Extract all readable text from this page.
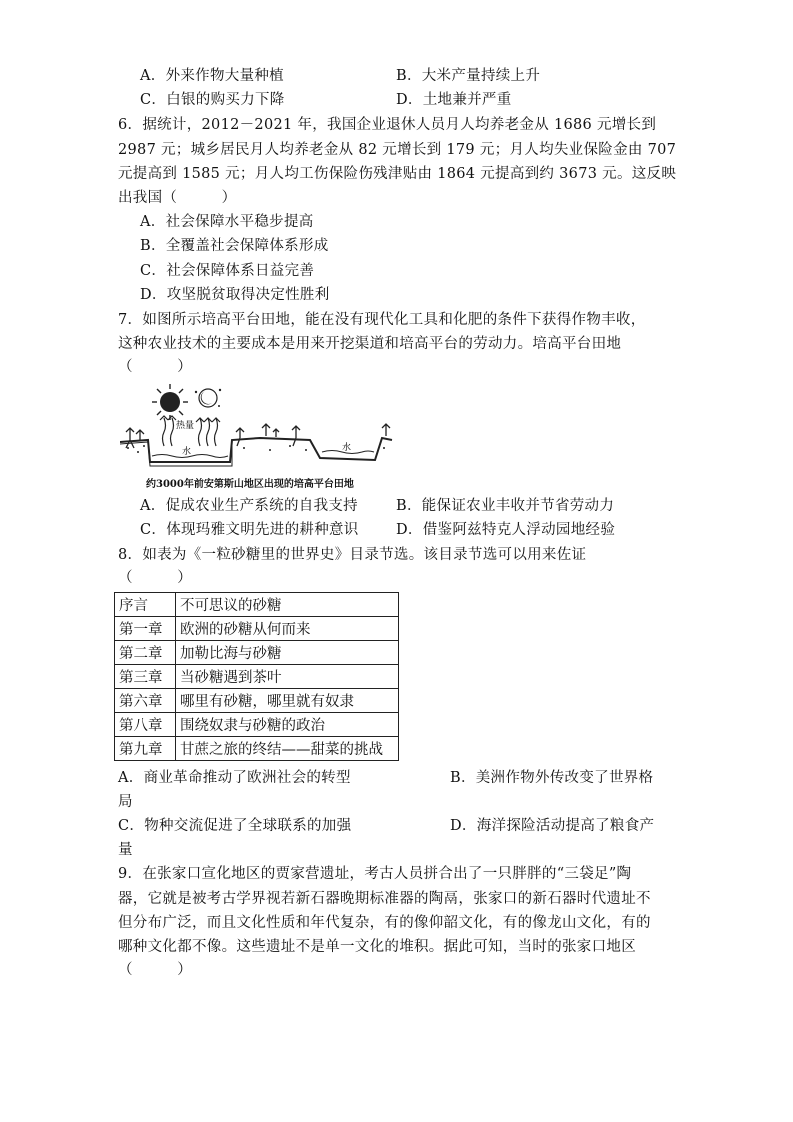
A．外来作物大量种植	B．大米产量持续上升
C．白银的购买力下降	D．土地兼并严重
6．据统计，2012－2021 年，我国企业退休人员月人均养老金从 1686 元增长到
2987 元；城乡居民月人均养老金从 82 元增长到 179 元；月人均失业保险金由 707
元提高到 1585 元；月人均工伤保险伤残津贴由 1864 元提高到约 3673 元。这反映
出我国（　　　）
A．社会保障水平稳步提高
B．全覆盖社会保障体系形成
C．社会保障体系日益完善
D．攻坚脱贫取得决定性胜利
7．如图所示培高平台田地，能在没有现代化工具和化肥的条件下获得作物丰收，
这种农业技术的主要成本是用来开挖渠道和培高平台的劳动力。培高平台田地
（　　　）
热量
水	水
约3000年前安第斯山地区出现的培高平台田地
A．促成农业生产系统的自我支持	B．能保证农业丰收并节省劳动力
C．体现玛雅文明先进的耕种意识	D．借鉴阿兹特克人浮动园地经验
8．如表为《一粒砂糖里的世界史》目录节选。该目录节选可以用来佐证
（　　　）
序言	不可思议的砂糖
第一章	欧洲的砂糖从何而来
第二章	加勒比海与砂糖
第三章	当砂糖遇到茶叶
第六章	哪里有砂糖，哪里就有奴隶
第八章	围绕奴隶与砂糖的政治
第九章	甘蔗之旅的终结——甜菜的挑战
A．商业革命推动了欧洲社会的转型	B．美洲作物外传改变了世界格
局
C．物种交流促进了全球联系的加强	D．海洋探险活动提高了粮食产
量
9．在张家口宣化地区的贾家营遗址，考古人员拼合出了一只胖胖的“三袋足”陶
器，它就是被考古学界视若新石器晚期标准器的陶鬲，张家口的新石器时代遗址不
但分布广泛，而且文化性质和年代复杂，有的像仰韶文化，有的像龙山文化，有的
哪种文化都不像。这些遗址不是单一文化的堆积。据此可知，当时的张家口地区
（　　　）
